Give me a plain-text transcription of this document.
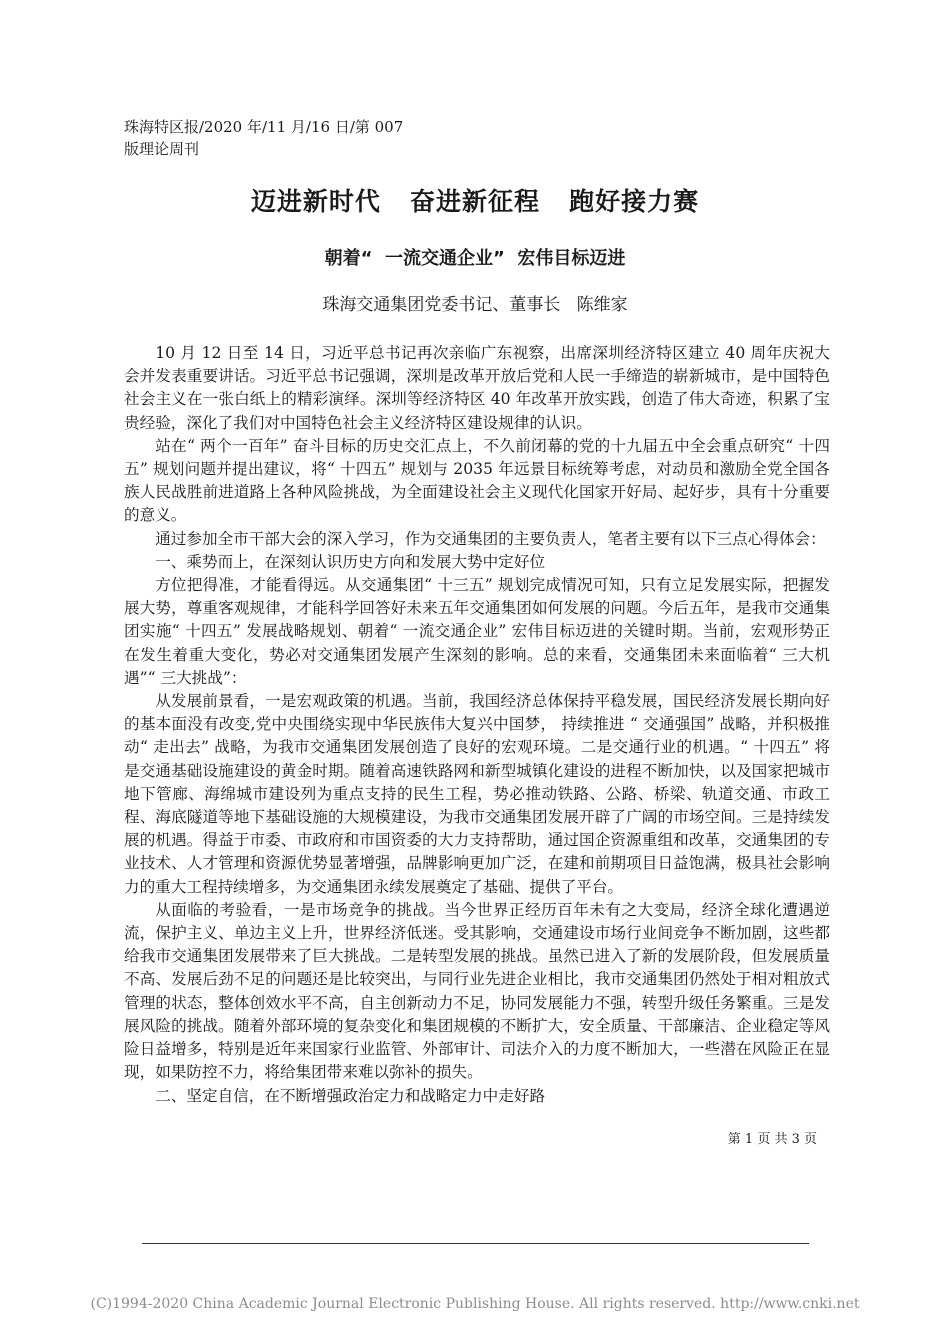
珠海特区报/2020 年/11 月/16 日/第 007
版理论周刊
迈进新时代   奋进新征程   跑好接力赛
朝着“  一流交通企业”  宏伟目标迈进

珠海交通集团党委书记、董事长   陈维家

10 月 12 日至 14 日，习近平总书记再次亲临广东视察，出席深圳经济特区建立 40 周年庆祝大会并发表重要讲话。习近平总书记强调，深圳是改革开放后党和人民一手缔造的崭新城市，是中国特色社会主义在一张白纸上的精彩演绎。深圳等经济特区 40 年改革开放实践，创造了伟大奇迹，积累了宝贵经验，深化了我们对中国特色社会主义经济特区建设规律的认识。

站在“ 两个一百年” 奋斗目标的历史交汇点上，不久前闭幕的党的十九届五中全会重点研究“ 十四五” 规划问题并提出建议，将“ 十四五” 规划与 2035 年远景目标统筹考虑，对动员和激励全党全国各族人民战胜前进道路上各种风险挑战，为全面建设社会主义现代化国家开好局、起好步，具有十分重要的意义。

通过参加全市干部大会的深入学习，作为交通集团的主要负责人，笔者主要有以下三点心得体会：

一、乘势而上，在深刻认识历史方向和发展大势中定好位

方位把得准，才能看得远。从交通集团“ 十三五” 规划完成情况可知，只有立足发展实际，把握发展大势，尊重客观规律，才能科学回答好未来五年交通集团如何发展的问题。今后五年，是我市交通集团实施“ 十四五” 发展战略规划、朝着“ 一流交通企业” 宏伟目标迈进的关键时期。当前，宏观形势正在发生着重大变化，势必对交通集团发展产生深刻的影响。总的来看，交通集团未来面临着“ 三大机遇”“ 三大挑战”：

从发展前景看，一是宏观政策的机遇。当前，我国经济总体保持平稳发展，国民经济发展长期向好的基本面没有改变,党中央围绕实现中华民族伟大复兴中国梦， 持续推进 “ 交通强国” 战略，并积极推动“ 走出去” 战略，为我市交通集团发展创造了良好的宏观环境。二是交通行业的机遇。“ 十四五” 将是交通基础设施建设的黄金时期。随着高速铁路网和新型城镇化建设的进程不断加快，以及国家把城市地下管廊、海绵城市建设列为重点支持的民生工程，势必推动铁路、公路、桥梁、轨道交通、市政工程、海底隧道等地下基础设施的大规模建设，为我市交通集团发展开辟了广阔的市场空间。三是持续发展的机遇。得益于市委、市政府和市国资委的大力支持帮助，通过国企资源重组和改革，交通集团的专业技术、人才管理和资源优势显著增强，品牌影响更加广泛，在建和前期项目日益饱满，极具社会影响力的重大工程持续增多，为交通集团永续发展奠定了基础、提供了平台。

从面临的考验看，一是市场竞争的挑战。当今世界正经历百年未有之大变局，经济全球化遭遇逆流，保护主义、单边主义上升，世界经济低迷。受其影响，交通建设市场行业间竞争不断加剧，这些都给我市交通集团发展带来了巨大挑战。二是转型发展的挑战。虽然已进入了新的发展阶段，但发展质量不高、发展后劲不足的问题还是比较突出，与同行业先进企业相比，我市交通集团仍然处于相对粗放式管理的状态，整体创效水平不高，自主创新动力不足，协同发展能力不强，转型升级任务繁重。三是发展风险的挑战。随着外部环境的复杂变化和集团规模的不断扩大，安全质量、干部廉洁、企业稳定等风险日益增多，特别是近年来国家行业监管、外部审计、司法介入的力度不断加大，一些潜在风险正在显现，如果防控不力，将给集团带来难以弥补的损失。

二、坚定自信，在不断增强政治定力和战略定力中走好路

第 1 页 共 3 页

(C)1994-2020 China Academic Journal Electronic Publishing House. All rights reserved. http://www.cnki.net
